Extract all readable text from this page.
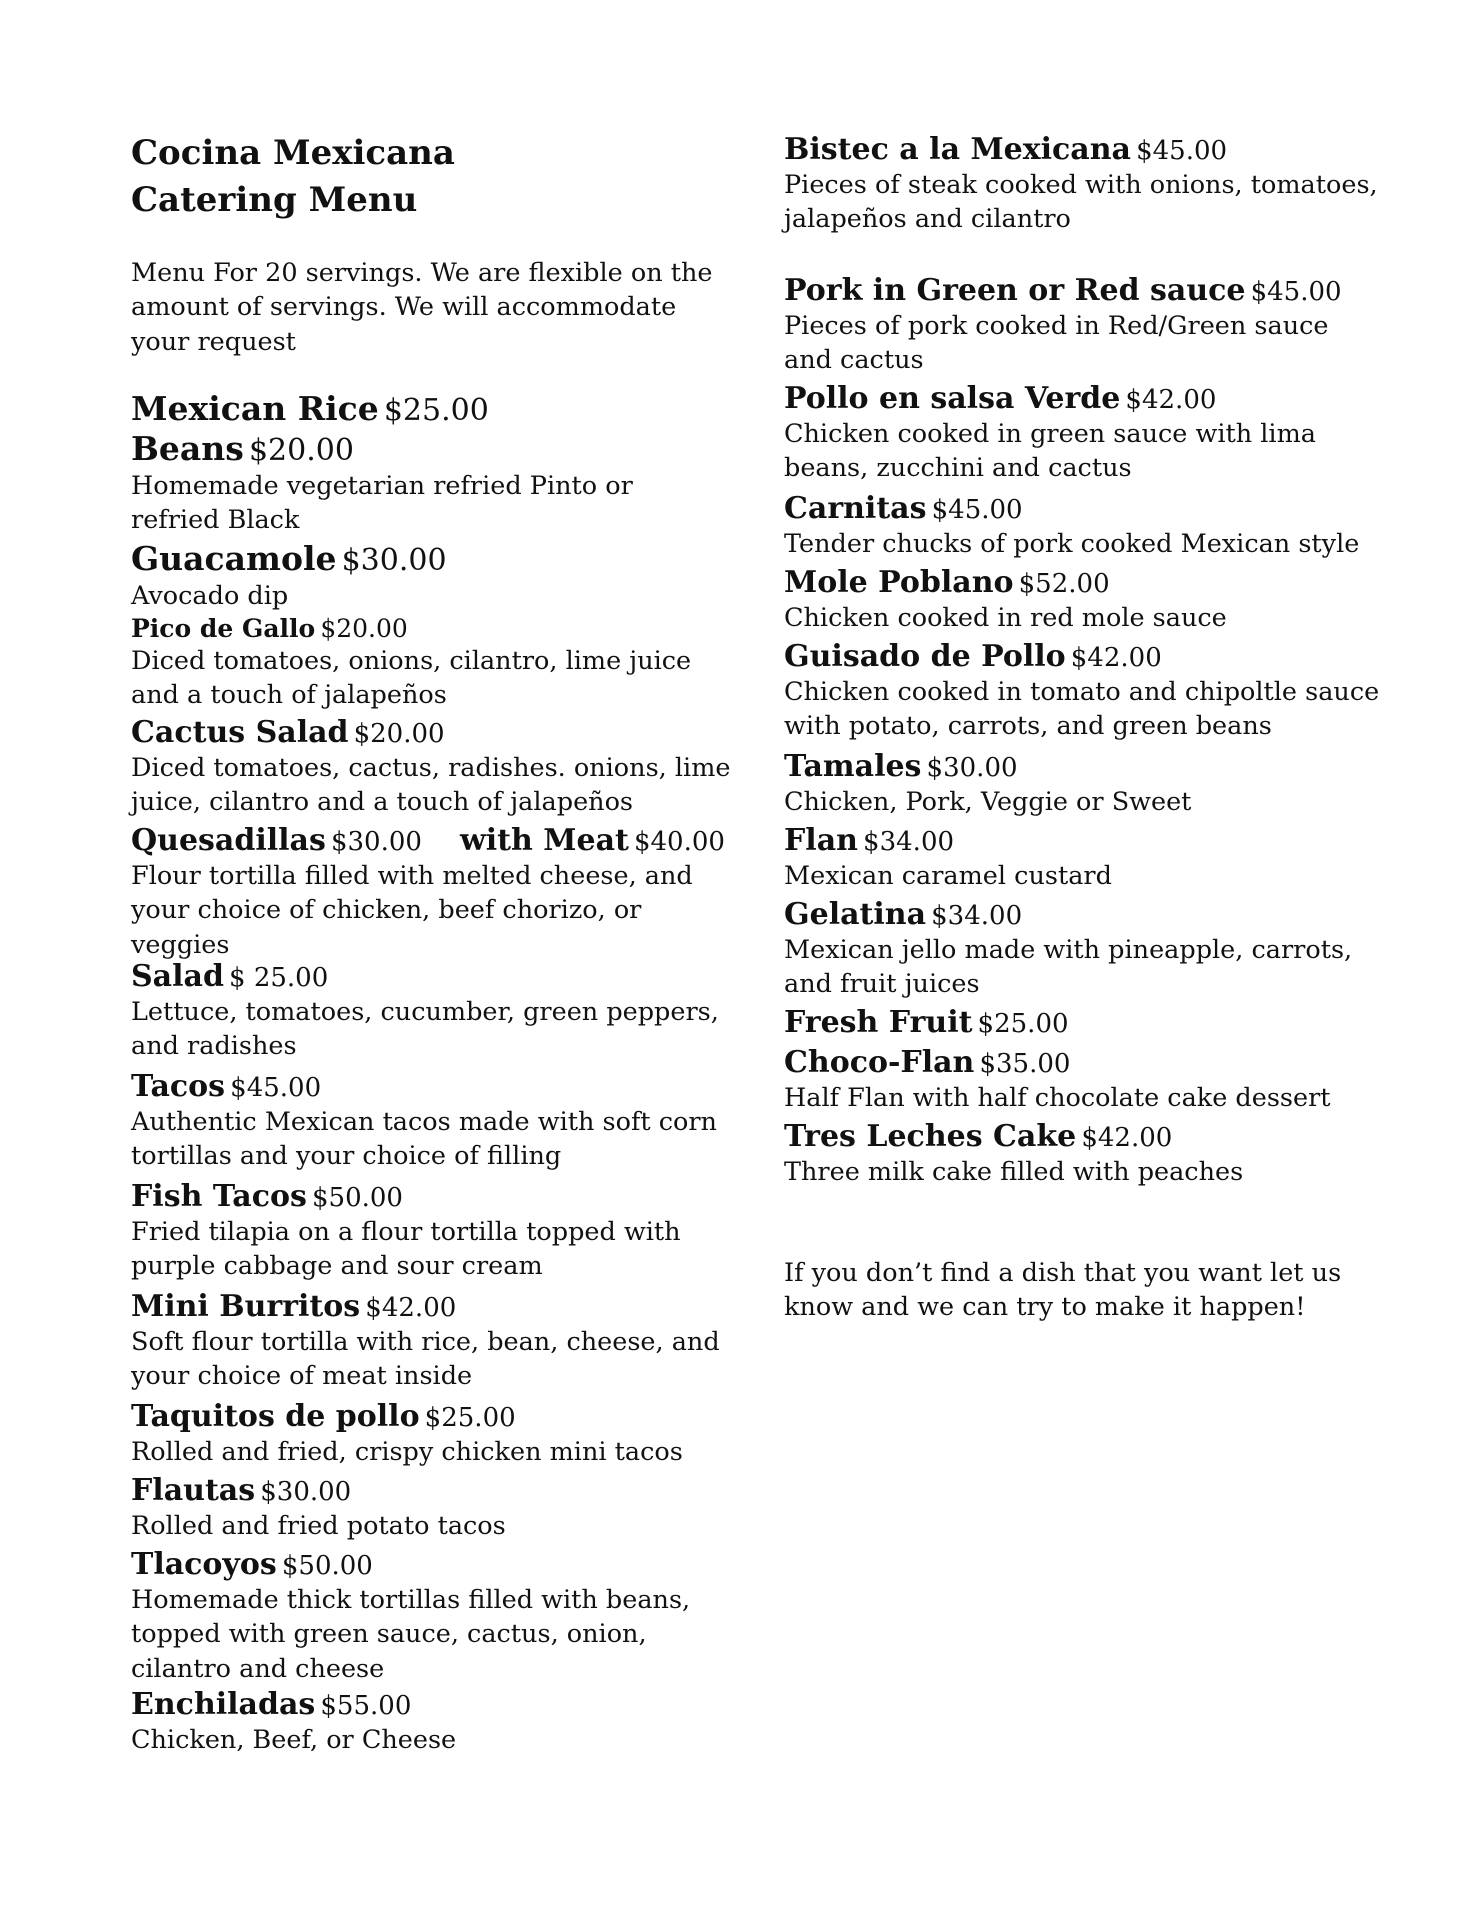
Cocina Mexicana
Catering Menu
Menu For 20 servings. We are flexible on the
amount of servings. We will accommodate
your request
Mexican Rice $25.00
Beans $20.00
Homemade vegetarian refried Pinto or
refried Black
Guacamole $30.00
Avocado dip
Pico de Gallo $20.00
Diced tomatoes, onions, cilantro, lime juice
and a touch of jalapeños
Cactus Salad $20.00
Diced tomatoes, cactus, radishes. onions, lime
juice, cilantro and a touch of jalapeños
Quesadillas $30.00 with Meat $40.00
Flour tortilla filled with melted cheese, and
your choice of chicken, beef chorizo, or
veggies
Salad $ 25.00
Lettuce, tomatoes, cucumber, green peppers,
and radishes
Tacos $45.00
Authentic Mexican tacos made with soft corn
tortillas and your choice of filling
Fish Tacos $50.00
Fried tilapia on a flour tortilla topped with
purple cabbage and sour cream
Mini Burritos $42.00
Soft flour tortilla with rice, bean, cheese, and
your choice of meat inside
Taquitos de pollo $25.00
Rolled and fried, crispy chicken mini tacos
Flautas $30.00
Rolled and fried potato tacos
Tlacoyos $50.00
Homemade thick tortillas filled with beans,
topped with green sauce, cactus, onion,
cilantro and cheese
Enchiladas $55.00
Chicken, Beef, or Cheese
Bistec a la Mexicana $45.00
Pieces of steak cooked with onions, tomatoes,
jalapeños and cilantro
Pork in Green or Red sauce $45.00
Pieces of pork cooked in Red/Green sauce
and cactus
Pollo en salsa Verde $42.00
Chicken cooked in green sauce with lima
beans, zucchini and cactus
Carnitas $45.00
Tender chucks of pork cooked Mexican style
Mole Poblano $52.00
Chicken cooked in red mole sauce
Guisado de Pollo $42.00
Chicken cooked in tomato and chipoltle sauce
with potato, carrots, and green beans
Tamales $30.00
Chicken, Pork, Veggie or Sweet
Flan $34.00
Mexican caramel custard
Gelatina $34.00
Mexican jello made with pineapple, carrots,
and fruit juices
Fresh Fruit $25.00
Choco-Flan $35.00
Half Flan with half chocolate cake dessert
Tres Leches Cake $42.00
Three milk cake filled with peaches
If you don’t find a dish that you want let us
know and we can try to make it happen!
